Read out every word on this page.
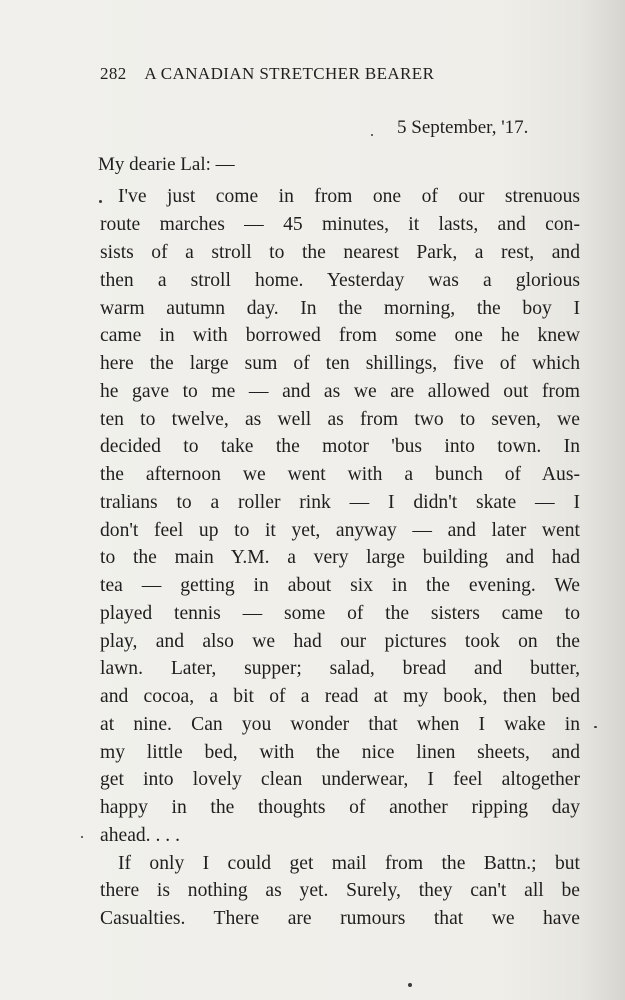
282 A CANADIAN STRETCHER BEARER
5 September, '17.
My dearie Lal: —
I've just come in from one of our strenuous
route marches — 45 minutes, it lasts, and con-
sists of a stroll to the nearest Park, a rest, and
then a stroll home. Yesterday was a glorious
warm autumn day. In the morning, the boy I
came in with borrowed from some one he knew
here the large sum of ten shillings, five of which
he gave to me — and as we are allowed out from
ten to twelve, as well as from two to seven, we
decided to take the motor 'bus into town. In
the afternoon we went with a bunch of Aus-
tralians to a roller rink — I didn't skate — I
don't feel up to it yet, anyway — and later went
to the main Y.M. a very large building and had
tea — getting in about six in the evening. We
played tennis — some of the sisters came to
play, and also we had our pictures took on the
lawn. Later, supper; salad, bread and butter,
and cocoa, a bit of a read at my book, then bed
at nine. Can you wonder that when I wake in
my little bed, with the nice linen sheets, and
get into lovely clean underwear, I feel altogether
happy in the thoughts of another ripping day
ahead. . . .
If only I could get mail from the Battn.; but
there is nothing as yet. Surely, they can't all be
Casualties. There are rumours that we have
